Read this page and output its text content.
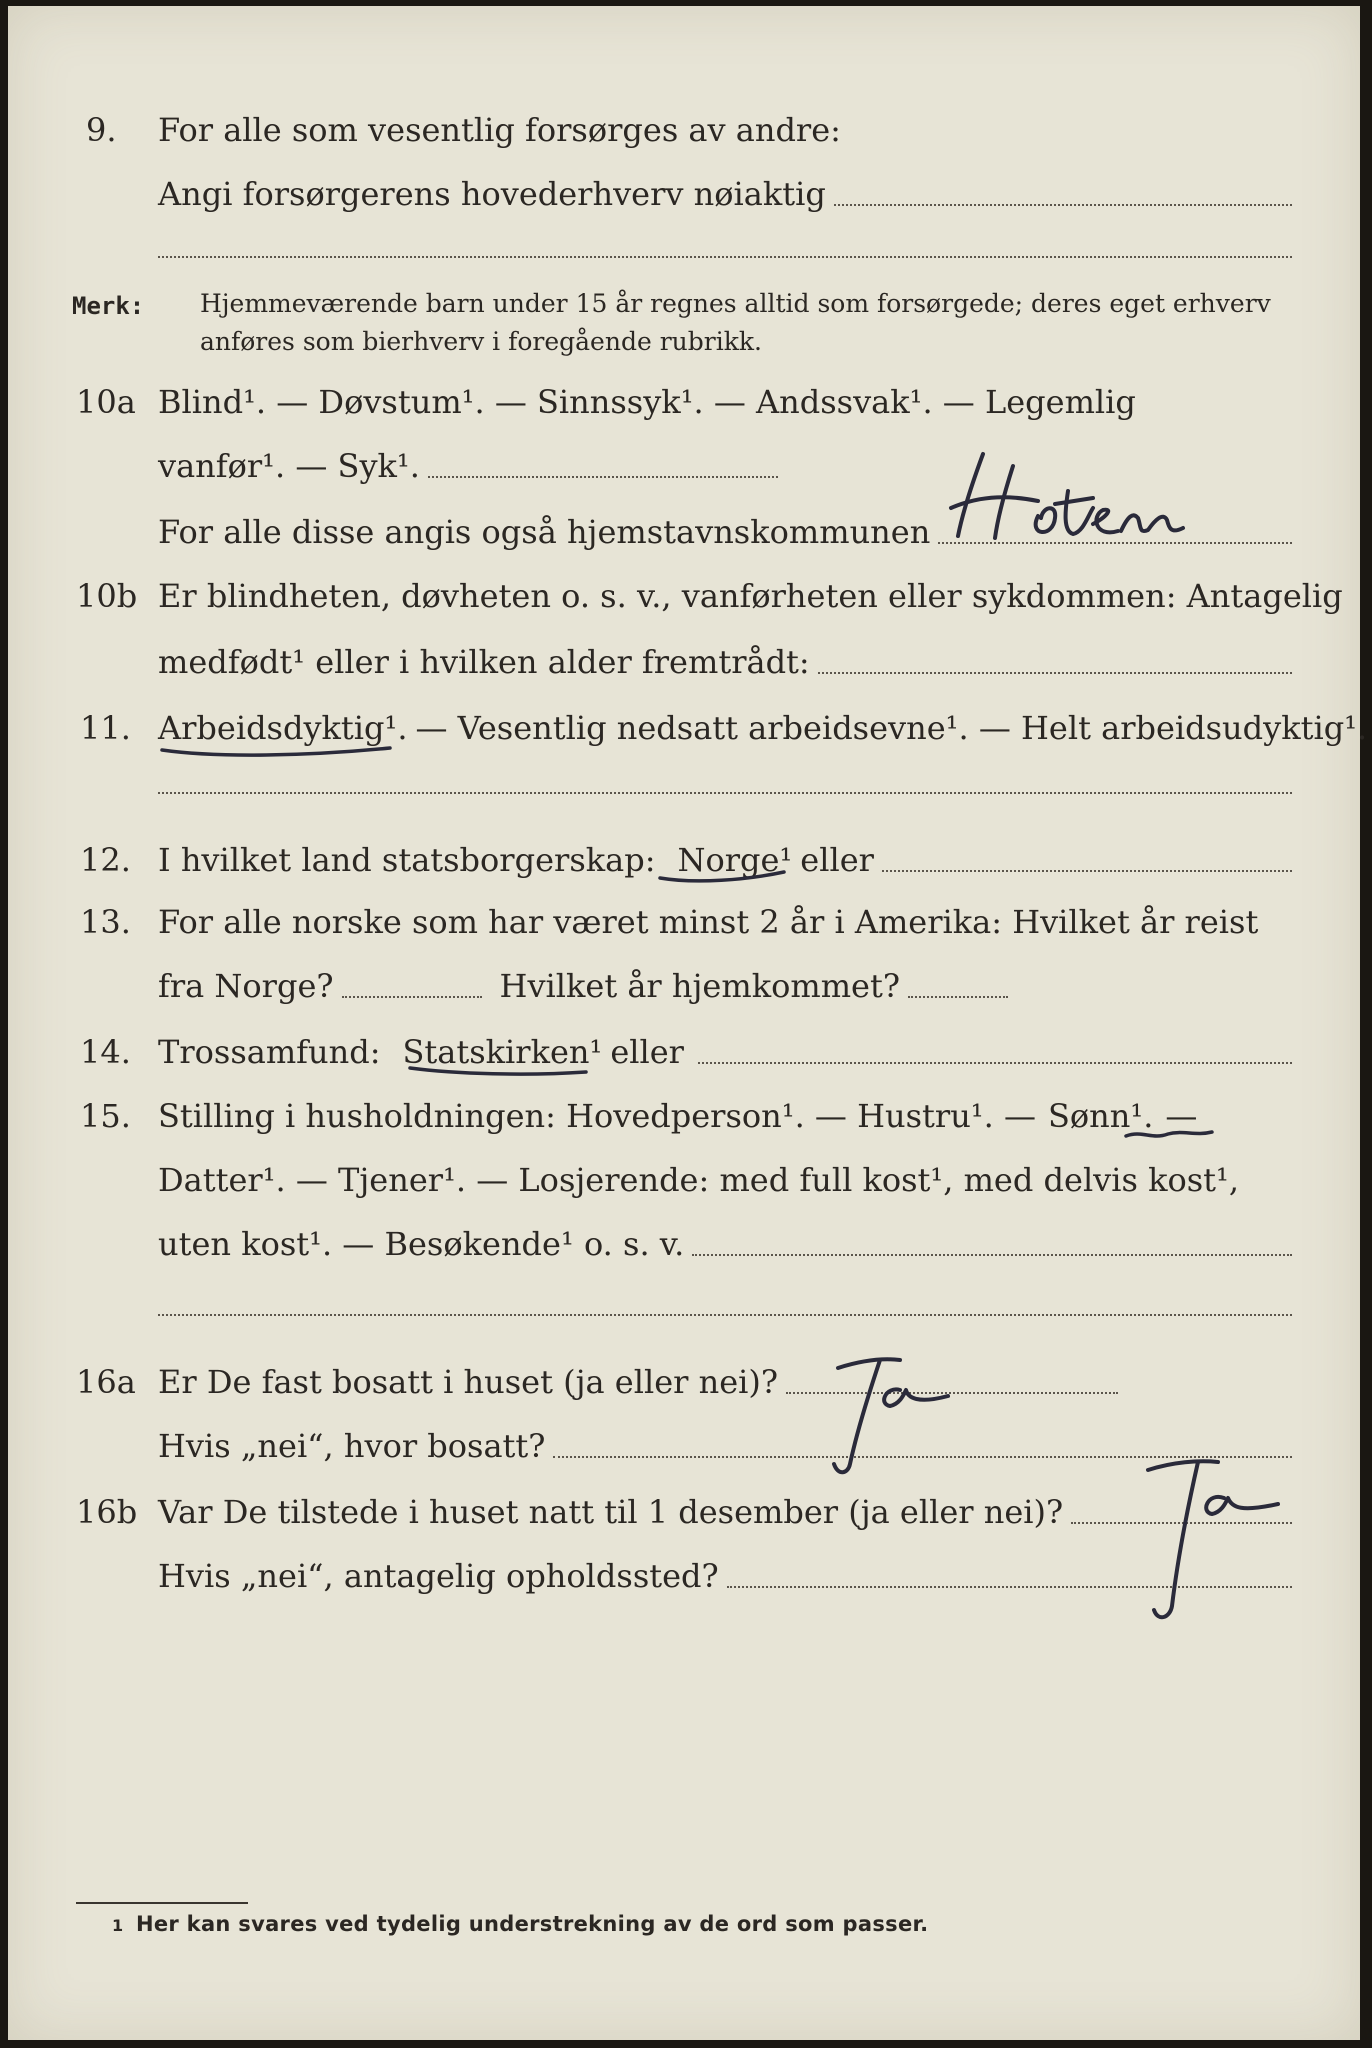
9. For alle som vesentlig forsørges av andre:
Angi forsørgerens hovederhverv nøiaktig
Merk: Hjemmeværende barn under 15 år regnes alltid som forsørgede; deres eget erhverv
anføres som bierhverv i foregående rubrikk.
10a Blind¹. — Døvstum¹. — Sinnssyk¹. — Andssvak¹. — Legemlig
vanfør¹. — Syk¹.
For alle disse angis også hjemstavnskommunen
Hoten
10b Er blindheten, døvheten o. s. v., vanførheten eller sykdommen: Antagelig
medfødt¹ eller i hvilken alder fremtrådt:
11. Arbeidsdyktig¹. — Vesentlig nedsatt arbeidsevne¹. — Helt arbeidsudyktig¹.
12. I hvilket land statsborgerskap: Norge¹ eller
13. For alle norske som har været minst 2 år i Amerika: Hvilket år reist
fra Norge?	Hvilket år hjemkommet?
14. Trossamfund: Statskirken¹ eller
15. Stilling i husholdningen: Hovedperson¹. — Hustru¹. — Sønn¹. —
Datter¹. — Tjener¹. — Losjerende: med full kost¹, med delvis kost¹,
uten kost¹. — Besøkende¹ o. s. v.
16a Er De fast bosatt i huset (ja eller nei)?
Hvis „nei“, hvor bosatt?
Ja
16b Var De tilstede i huset natt til 1 desember (ja eller nei)?
Hvis „nei“, antagelig opholdssted?
Ja
1 Her kan svares ved tydelig understrekning av de ord som passer.
